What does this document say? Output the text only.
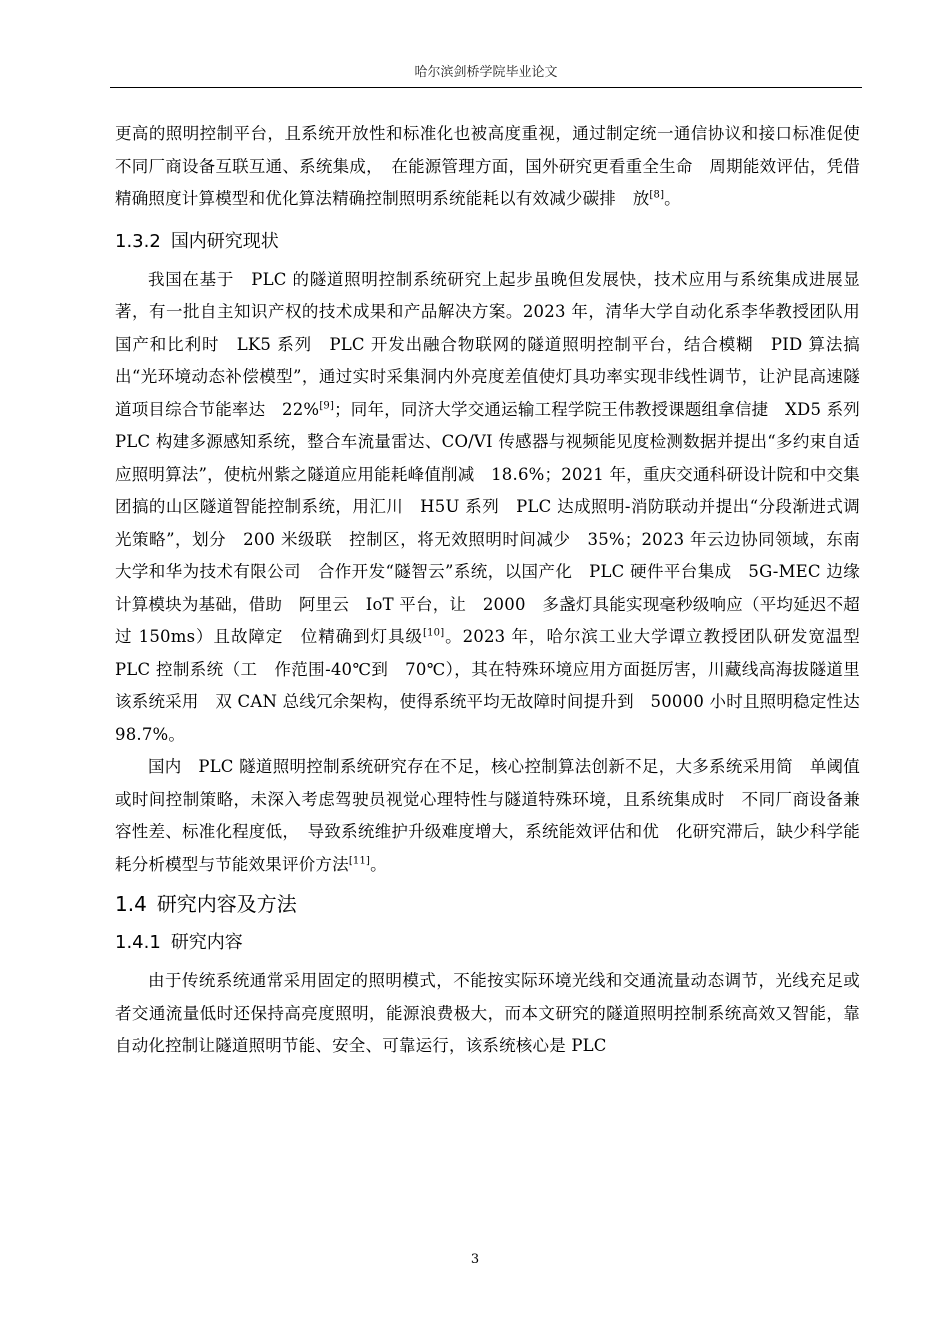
哈尔滨剑桥学院毕业论文

更高的照明控制平台，且系统开放性和标准化也被高度重视，通过制定统一通信协议和接口标准促使不同厂商设备互联互通、系统集成，　在能源管理方面，国外研究更看重全生命　周期能效评估，凭借精确照度计算模型和优化算法精确控制照明系统能耗以有效减少碳排　放[8]。

1.3.2 国内研究现状

我国在基于　PLC 的隧道照明控制系统研究上起步虽晚但发展快，技术应用与系统集成进展显著，有一批自主知识产权的技术成果和产品解决方案。2023 年，清华大学自动化系李华教授团队用国产和比利时　LK5 系列　PLC 开发出融合物联网的隧道照明控制平台，结合模糊　PID 算法搞出“光环境动态补偿模型”，通过实时采集洞内外亮度差值使灯具功率实现非线性调节，让沪昆高速隧道项目综合节能率达　22%[9]；同年，同济大学交通运输工程学院王伟教授课题组拿信捷　XD5 系列　PLC 构建多源感知系统，整合车流量雷达、CO/VI 传感器与视频能见度检测数据并提出“多约束自适应照明算法”，使杭州紫之隧道应用能耗峰值削减　18.6%；2021 年，重庆交通科研设计院和中交集团搞的山区隧道智能控制系统，用汇川　H5U 系列　PLC 达成照明-消防联动并提出“分段渐进式调光策略”，划分　200 米级联　控制区，将无效照明时间减少　35%；2023 年云边协同领域，东南大学和华为技术有限公司　合作开发“隧智云”系统，以国产化　PLC 硬件平台集成　5G-MEC 边缘计算模块为基础，借助　阿里云　IoT 平台，让　2000　多盏灯具能实现毫秒级响应（平均延迟不超过 150ms）且故障定　位精确到灯具级[10]。2023 年，哈尔滨工业大学谭立教授团队研发宽温型 PLC 控制系统（工　作范围-40℃到　70℃），其在特殊环境应用方面挺厉害，川藏线高海拔隧道里该系统采用　双 CAN 总线冗余架构，使得系统平均无故障时间提升到　50000 小时且照明稳定性达　98.7%。

国内　PLC 隧道照明控制系统研究存在不足，核心控制算法创新不足，大多系统采用简　单阈值或时间控制策略，未深入考虑驾驶员视觉心理特性与隧道特殊环境，且系统集成时　不同厂商设备兼容性差、标准化程度低，　导致系统维护升级难度增大，系统能效评估和优　化研究滞后，缺少科学能耗分析模型与节能效果评价方法[11]。

1.4 研究内容及方法
1.4.1 研究内容

由于传统系统通常采用固定的照明模式，不能按实际环境光线和交通流量动态调节，光线充足或者交通流量低时还保持高亮度照明，能源浪费极大，而本文研究的隧道照明控制系统高效又智能，靠自动化控制让隧道照明节能、安全、可靠运行，该系统核心是 PLC

3
